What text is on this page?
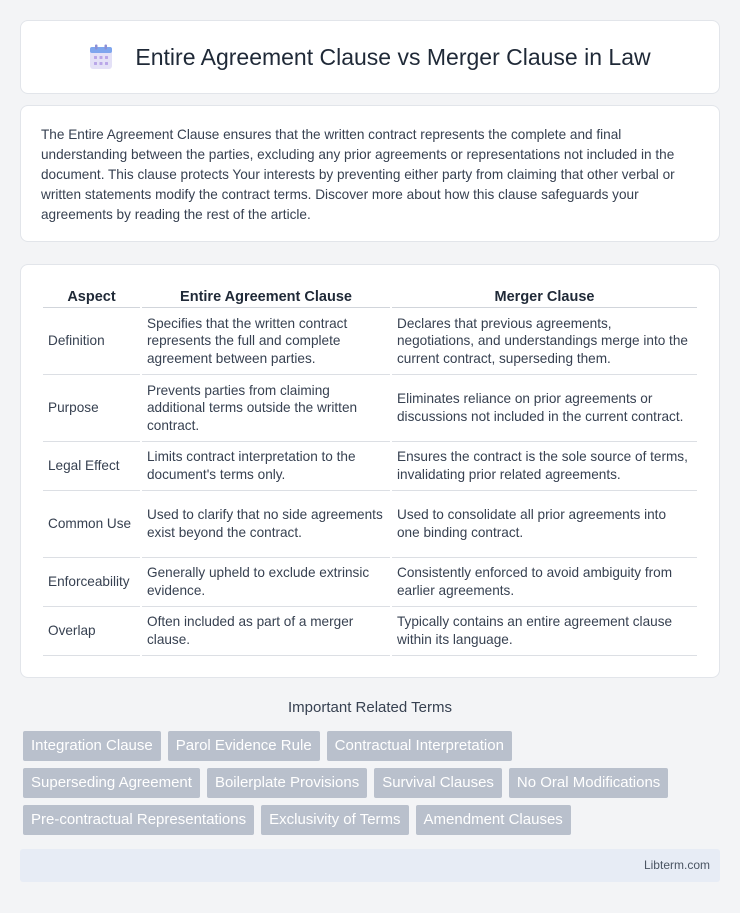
Entire Agreement Clause vs Merger Clause in Law

The Entire Agreement Clause ensures that the written contract represents the complete and final understanding between the parties, excluding any prior agreements or representations not included in the document. This clause protects Your interests by preventing either party from claiming that other verbal or written statements modify the contract terms. Discover more about how this clause safeguards your agreements by reading the rest of the article.

Aspect	Entire Agreement Clause	Merger Clause
Definition	Specifies that the written contract represents the full and complete agreement between parties.	Declares that previous agreements, negotiations, and understandings merge into the current contract, superseding them.
Purpose	Prevents parties from claiming additional terms outside the written contract.	Eliminates reliance on prior agreements or discussions not included in the current contract.
Legal Effect	Limits contract interpretation to the document's terms only.	Ensures the contract is the sole source of terms, invalidating prior related agreements.
Common Use	Used to clarify that no side agreements exist beyond the contract.	Used to consolidate all prior agreements into one binding contract.
Enforceability	Generally upheld to exclude extrinsic evidence.	Consistently enforced to avoid ambiguity from earlier agreements.
Overlap	Often included as part of a merger clause.	Typically contains an entire agreement clause within its language.
Important Related Terms
Integration Clause	Parol Evidence Rule	Contractual Interpretation
Superseding Agreement	Boilerplate Provisions	Survival Clauses	No Oral Modifications
Pre-contractual Representations	Exclusivity of Terms	Amendment Clauses
Libterm.com
